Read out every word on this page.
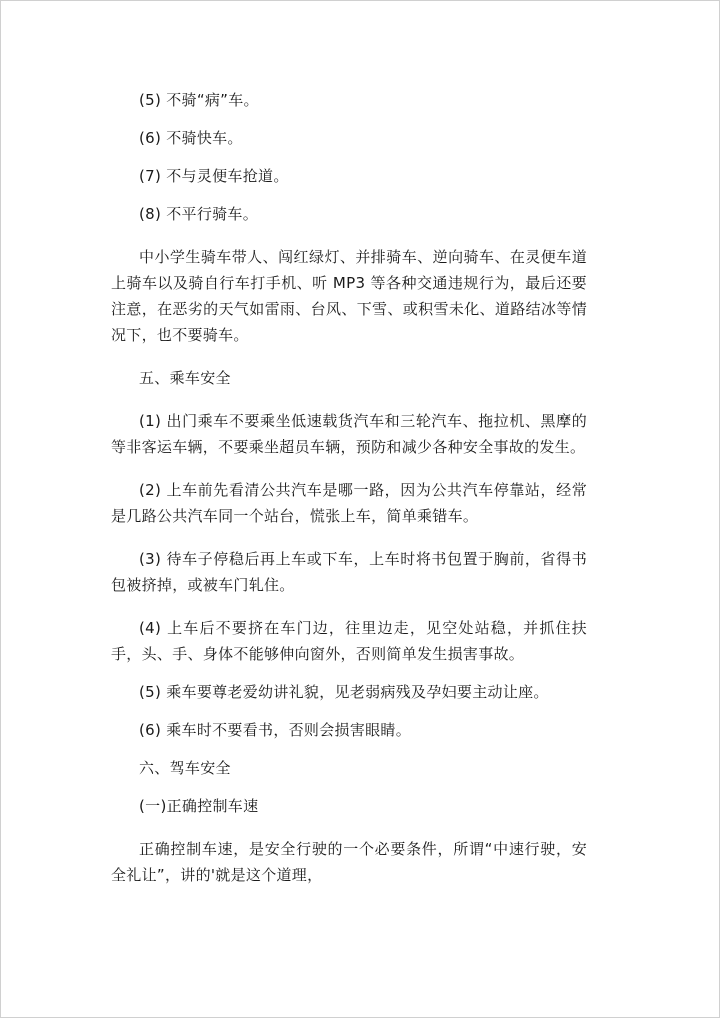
(5) 不骑“病”车。

(6) 不骑快车。

(7) 不与灵便车抢道。

(8) 不平行骑车。

中小学生骑车带人、闯红绿灯、并排骑车、逆向骑车、在灵便车道上骑车以及骑自行车打手机、听 MP3 等各种交通违规行为，最后还要注意，在恶劣的天气如雷雨、台风、下雪、或积雪未化、道路结冰等情况下，也不要骑车。

五、乘车安全

(1) 出门乘车不要乘坐低速载货汽车和三轮汽车、拖拉机、黑摩的等非客运车辆，不要乘坐超员车辆，预防和减少各种安全事故的发生。

(2) 上车前先看清公共汽车是哪一路，因为公共汽车停靠站，经常是几路公共汽车同一个站台，慌张上车，简单乘错车。

(3) 待车子停稳后再上车或下车，上车时将书包置于胸前，省得书包被挤掉，或被车门轧住。

(4) 上车后不要挤在车门边，往里边走，见空处站稳，并抓住扶手，头、手、身体不能够伸向窗外，否则简单发生损害事故。

(5) 乘车要尊老爱幼讲礼貌，见老弱病残及孕妇要主动让座。

(6) 乘车时不要看书，否则会损害眼睛。

六、驾车安全

(一)正确控制车速

正确控制车速，是安全行驶的一个必要条件，所谓“中速行驶，安全礼让”，讲的'就是这个道理，
